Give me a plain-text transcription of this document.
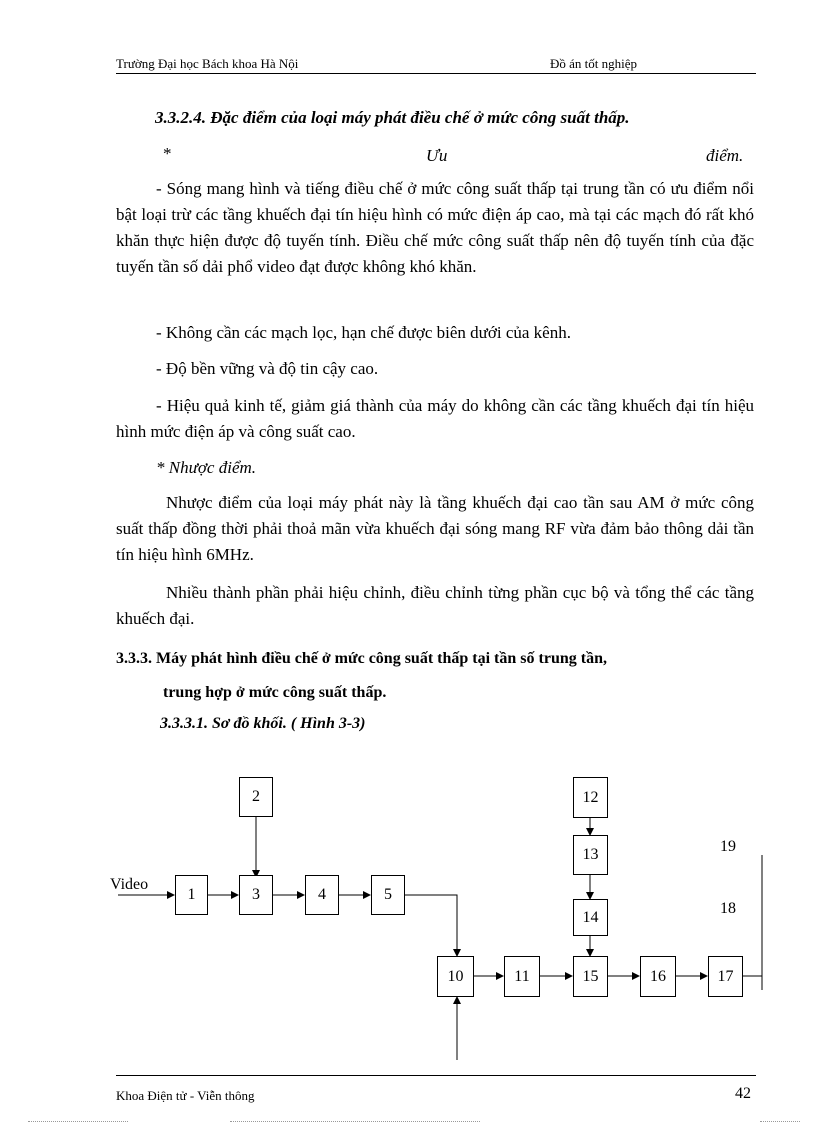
Trường Đại học Bách khoa Hà Nội	Đồ án tốt nghiệp
3.3.2.4. Đặc điểm của loại máy phát điều chế ở mức công suất thấp.
*	Ưu	điểm.
- Sóng mang hình và tiếng điều chế ở mức công suất thấp tại trung tần có ưu điểm nổi bật loại trừ các tầng khuếch đại tín hiệu hình có mức điện áp cao, mà tại các mạch đó rất khó khăn thực hiện được độ tuyến tính. Điều chế mức công suất thấp nên độ tuyến tính của đặc tuyến tần số dải phổ video đạt được không khó khăn.
- Không cần các mạch lọc, hạn chế được biên dưới của kênh.
- Độ bền vững và độ tin cậy cao.
- Hiệu quả kinh tế, giảm giá thành của máy do không cần các tầng khuếch đại tín hiệu hình mức điện áp và công suất cao.
* Nhược điểm.
Nhược điểm của loại máy phát này là tầng khuếch đại cao tần sau AM ở mức công suất thấp đồng thời phải thoả mãn vừa khuếch đại sóng mang RF vừa đảm bảo thông dải tần tín hiệu hình 6MHz.
Nhiều thành phần phải hiệu chỉnh, điều chỉnh từng phần cục bộ và tổng thể các tầng khuếch đại.
3.3.3. Máy phát hình điều chế ở mức công suất thấp tại tần số trung tần,
trung hợp ở mức công suất thấp.
3.3.3.1. Sơ đồ khối. ( Hình 3-3)
1
2
3	4	5
10	11
12
13
14
15	16	17
Video
19
18
Khoa Điện tử - Viễn thông	42
